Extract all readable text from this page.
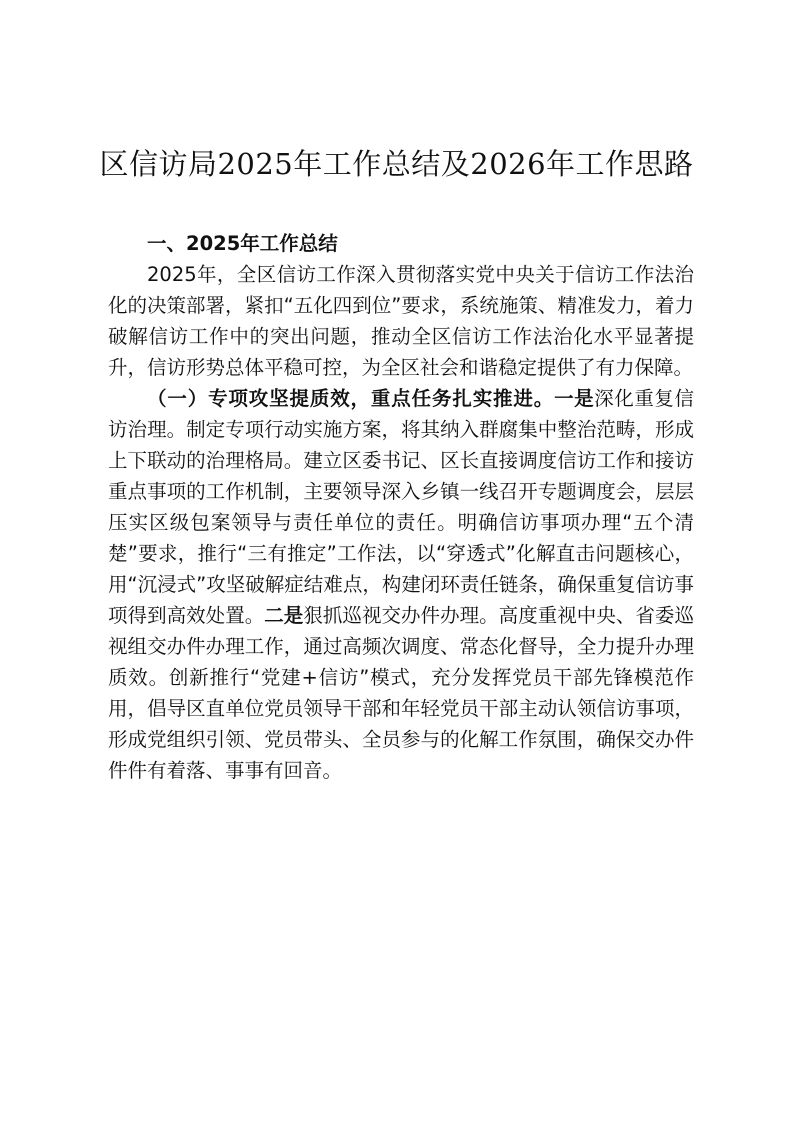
区信访局2025年工作总结及2026年工作思路

一、2025年工作总结

2025年，全区信访工作深入贯彻落实党中央关于信访工作法治化的决策部署，紧扣“五化四到位”要求，系统施策、精准发力，着力破解信访工作中的突出问题，推动全区信访工作法治化水平显著提升，信访形势总体平稳可控，为全区社会和谐稳定提供了有力保障。

（一）专项攻坚提质效，重点任务扎实推进。一是深化重复信访治理。制定专项行动实施方案，将其纳入群腐集中整治范畴，形成上下联动的治理格局。建立区委书记、区长直接调度信访工作和接访重点事项的工作机制，主要领导深入乡镇一线召开专题调度会，层层压实区级包案领导与责任单位的责任。明确信访事项办理“五个清楚”要求，推行“三有推定”工作法，以“穿透式”化解直击问题核心，用“沉浸式”攻坚破解症结难点，构建闭环责任链条，确保重复信访事项得到高效处置。二是狠抓巡视交办件办理。高度重视中央、省委巡视组交办件办理工作，通过高频次调度、常态化督导，全力提升办理质效。创新推行“党建+信访”模式，充分发挥党员干部先锋模范作用，倡导区直单位党员领导干部和年轻党员干部主动认领信访事项，形成党组织引领、党员带头、全员参与的化解工作氛围，确保交办件件件有着落、事事有回音。
